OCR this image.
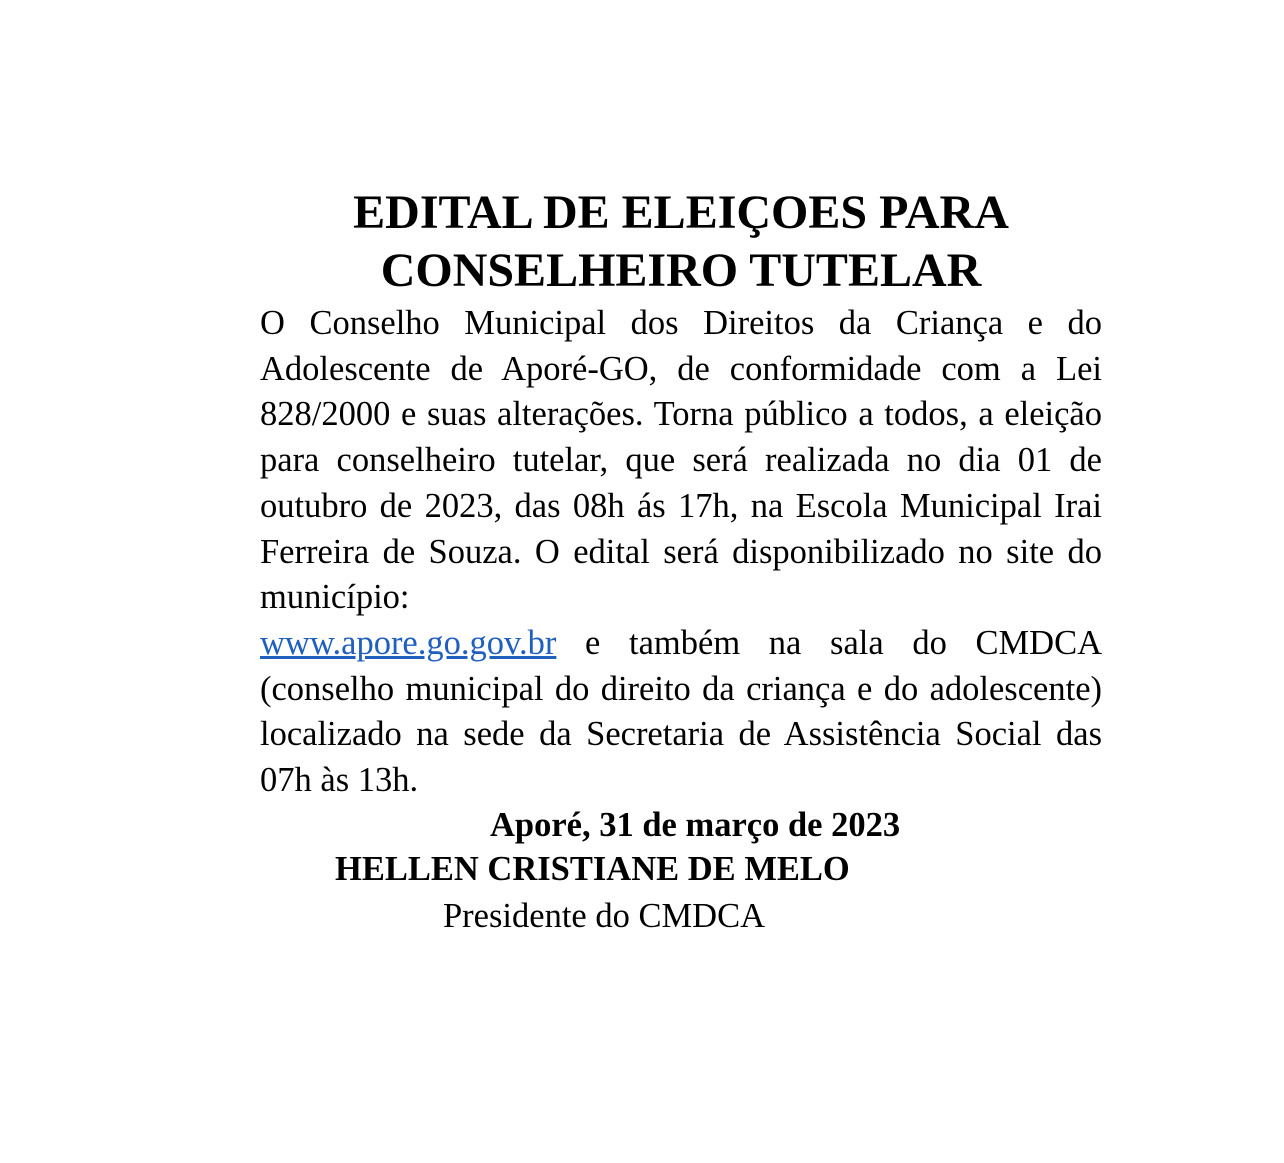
EDITAL DE ELEIÇOES PARA
CONSELHEIRO TUTELAR

O Conselho Municipal dos Direitos da Criança e do Adolescente de Aporé-GO, de conformidade com a Lei 828/2000 e suas alterações. Torna público a todos, a eleição para conselheiro tutelar, que será realizada no dia 01 de outubro de 2023, das 08h ás 17h, na Escola Municipal Irai Ferreira de Souza. O edital será disponibilizado no site do município:
www.apore.go.gov.br e também na sala do CMDCA (conselho municipal do direito da criança e do adolescente) localizado na sede da Secretaria de Assistência Social das 07h às 13h.

Aporé, 31 de março de 2023
HELLEN CRISTIANE DE MELO
Presidente do CMDCA
